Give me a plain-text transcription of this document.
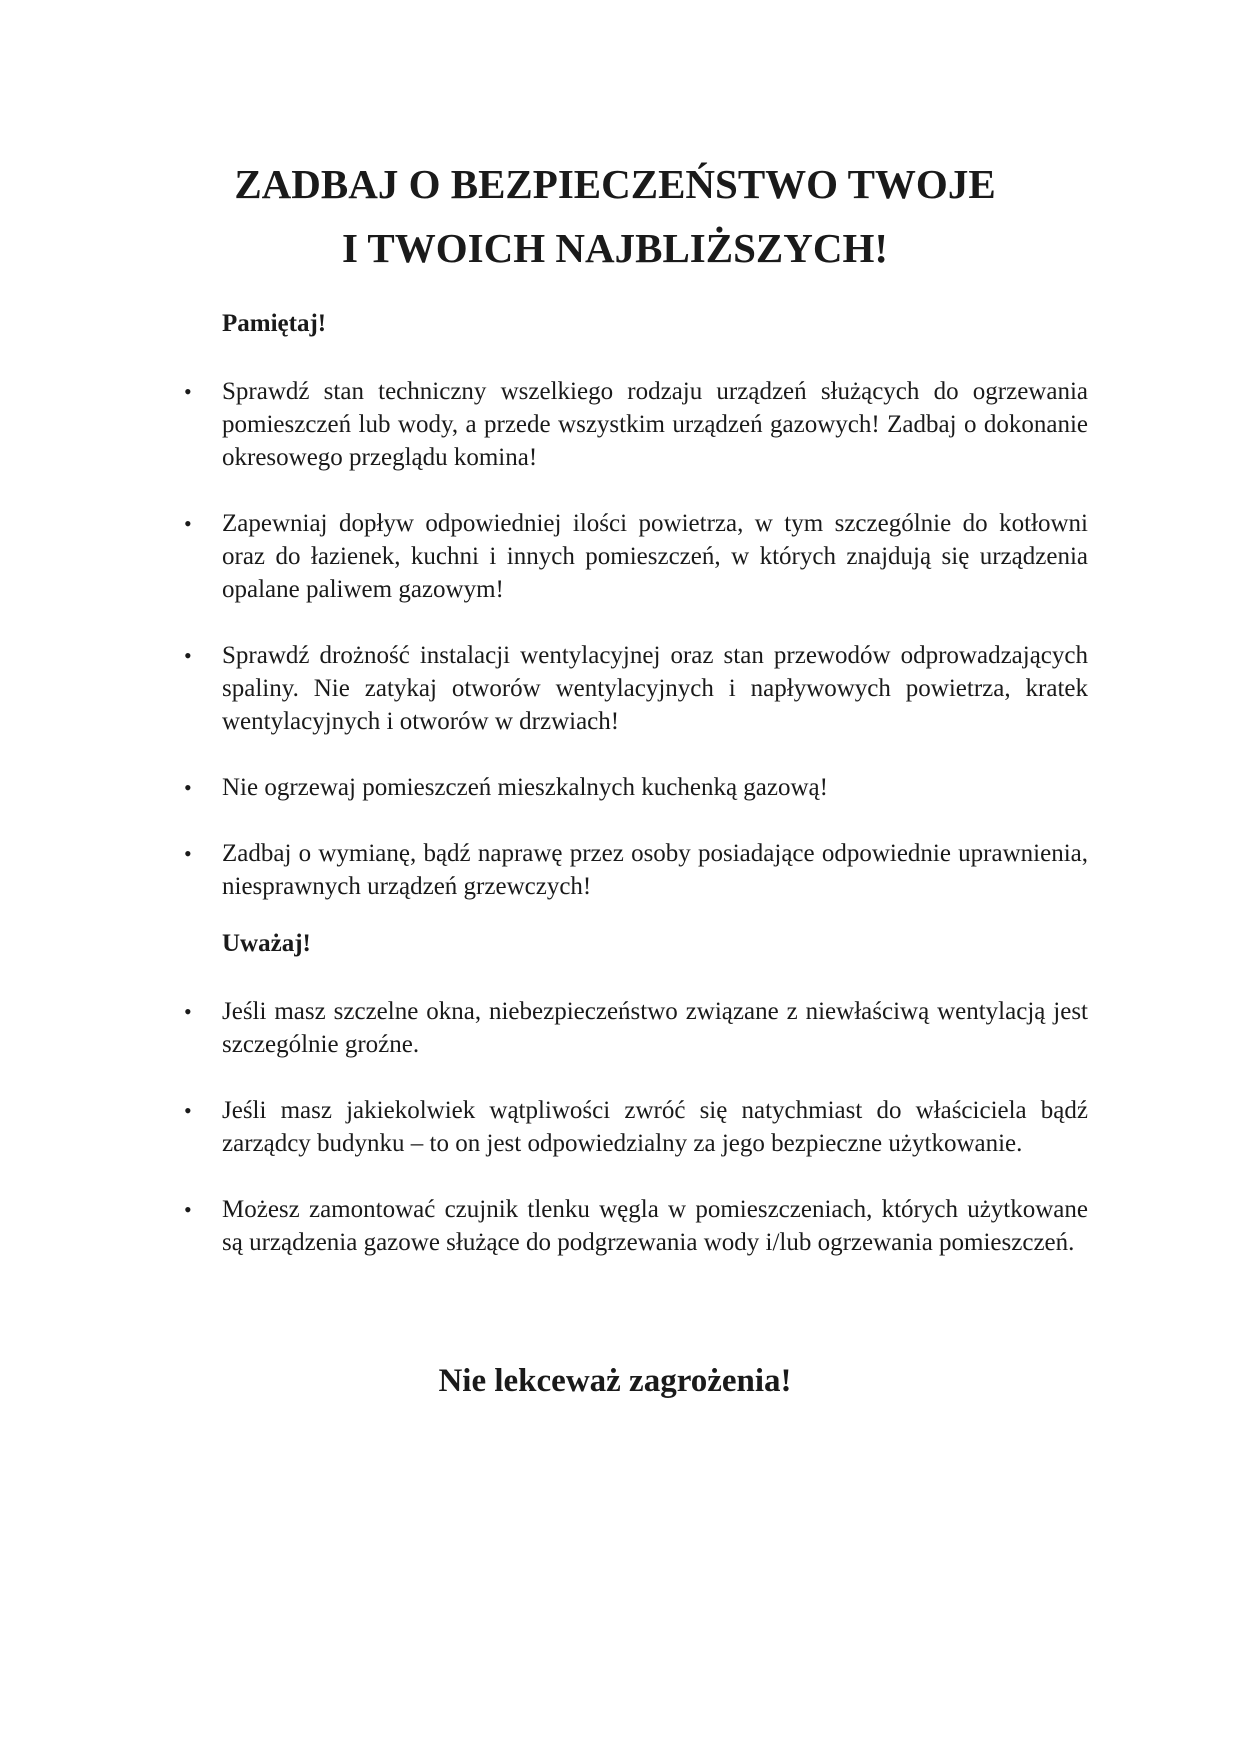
ZADBAJ O BEZPIECZEŃSTWO TWOJE
I TWOICH NAJBLIŻSZYCH!
Pamiętaj!
• Sprawdź stan techniczny wszelkiego rodzaju urządzeń służących do ogrzewania pomieszczeń lub wody, a przede wszystkim urządzeń gazowych! Zadbaj o dokonanie okresowego przeglądu komina!
• Zapewniaj dopływ odpowiedniej ilości powietrza, w tym szczególnie do kotłowni oraz do łazienek, kuchni i innych pomieszczeń, w których znajdują się urządzenia opalane paliwem gazowym!
• Sprawdź drożność instalacji wentylacyjnej oraz stan przewodów odprowadzających spaliny. Nie zatykaj otworów wentylacyjnych i napływowych powietrza, kratek wentylacyjnych i otworów w drzwiach!
• Nie ogrzewaj pomieszczeń mieszkalnych kuchenką gazową!
• Zadbaj o wymianę, bądź naprawę przez osoby posiadające odpowiednie uprawnienia, niesprawnych urządzeń grzewczych!
Uważaj!
• Jeśli masz szczelne okna, niebezpieczeństwo związane z niewłaściwą wentylacją jest szczególnie groźne.
• Jeśli masz jakiekolwiek wątpliwości zwróć się natychmiast do właściciela bądź zarządcy budynku – to on jest odpowiedzialny za jego bezpieczne użytkowanie.
• Możesz zamontować czujnik tlenku węgla w pomieszczeniach, których użytkowane są urządzenia gazowe służące do podgrzewania wody i/lub ogrzewania pomieszczeń.

Nie lekceważ zagrożenia!
